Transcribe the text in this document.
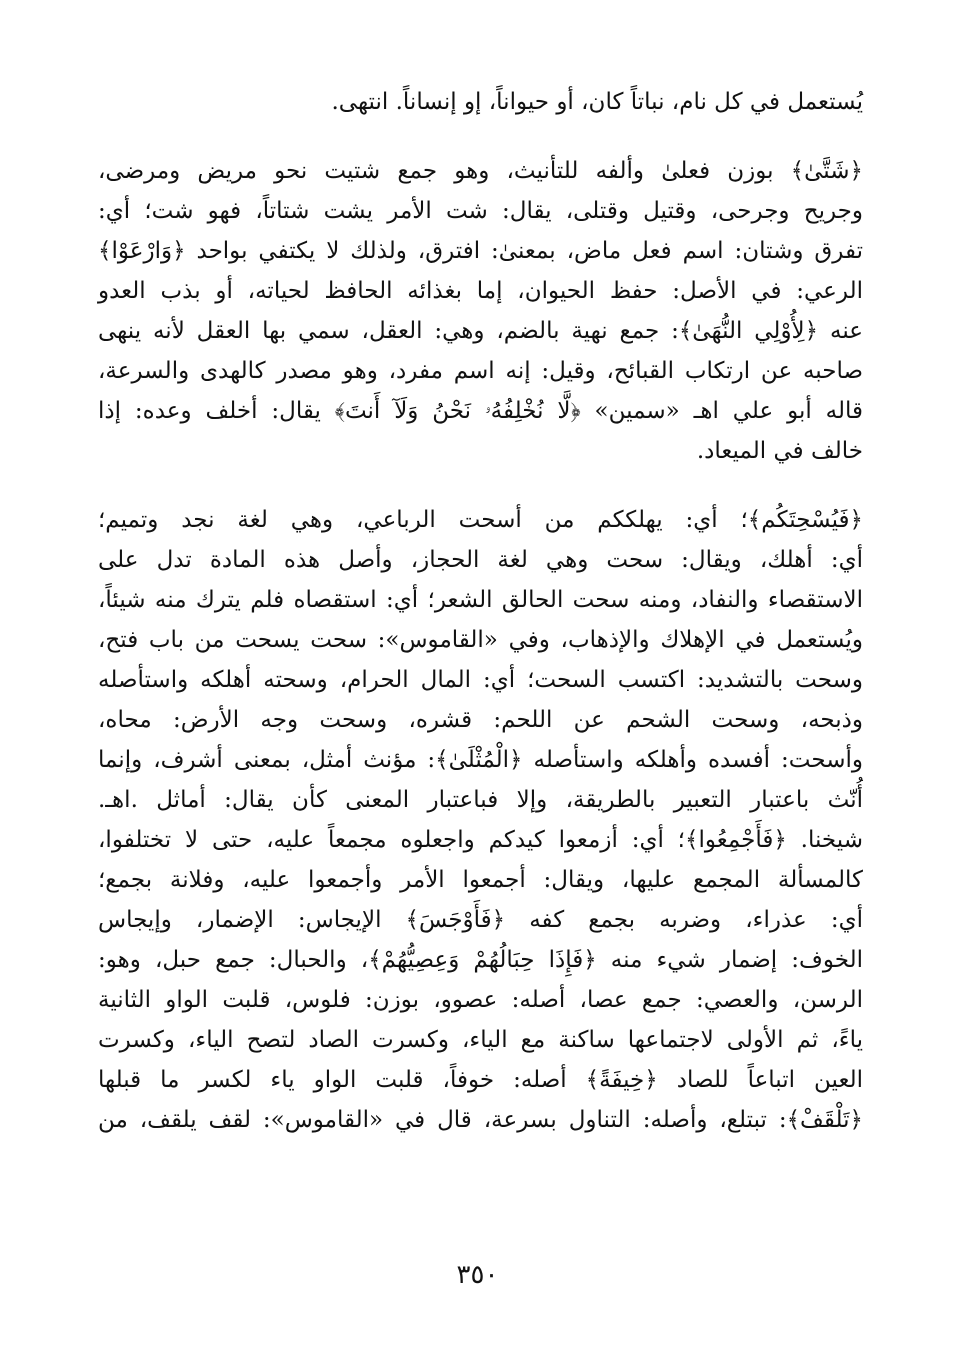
يُستعمل في كل نام، نباتاً كان، أو حيواناً، إو إنساناً. انتهى.
﴿شَتَّىٰ﴾ بوزن فعلىٰ وألفه للتأنيث، وهو جمع شتيت نحو مريض ومرضى،
وجريح وجرحى، وقتيل وقتلى، يقال: شت الأمر يشت شتاتاً، فهو شت؛ أي:
تفرق وشتان: اسم فعل ماض، بمعنىٰ: افترق، ولذلك لا يكتفي بواحد ﴿وَارْعَوْا﴾
الرعي: في الأصل: حفظ الحيوان، إما بغذائه الحافظ لحياته، أو بذب العدو
عنه ﴿لِأُوْلِي النُّهَىٰ﴾: جمع نهية بالضم، وهي: العقل، سمي بها العقل لأنه ينهى
صاحبه عن ارتكاب القبائح، وقيل: إنه اسم مفرد، وهو مصدر كالهدى والسرعة،
قاله أبو علي اهـ «سمين» ﴿لَّا نُخْلِفُهُۥ نَحْنُ وَلَآ أَنتَ﴾ يقال: أخلف وعده: إذا
خالف في الميعاد.
﴿فَيُسْحِتَكُم﴾؛ أي: يهلككم من أسحت الرباعي، وهي لغة نجد وتميم؛
أي: أهلك، ويقال: سحت وهي لغة الحجاز، وأصل هذه المادة تدل على
الاستقصاء والنفاد، ومنه سحت الحالق الشعر؛ أي: استقصاه فلم يترك منه شيئاً،
ويُستعمل في الإهلاك والإذهاب، وفي «القاموس»: سحت يسحت من باب فتح،
وسحت بالتشديد: اكتسب السحت؛ أي: المال الحرام، وسحته أهلكه واستأصله
وذبحه، وسحت الشحم عن اللحم: قشره، وسحت وجه الأرض: محاه،
وأسحت: أفسده وأهلكه واستأصله ﴿الْمُثْلَىٰ﴾: مؤنث أمثل، بمعنى أشرف، وإنما
أُنّث باعتبار التعبير بالطريقة، وإلا فباعتبار المعنى كأن يقال: أماثل .اهـ.
شيخنا. ﴿فَأَجْمِعُوا﴾؛ أي: أزمعوا كيدكم واجعلوه مجمعاً عليه، حتى لا تختلفوا،
كالمسألة المجمع عليها، ويقال: أجمعوا الأمر وأجمعوا عليه، وفلانة بجمع؛
أي: عذراء، وضربه بجمع كفه ﴿فَأَوْجَسَ﴾ الإيجاس: الإضمار، وإيجاس
الخوف: إضمار شيء منه ﴿فَإِذَا حِبَالُهُمْ وَعِصِيُّهُمْ﴾، والحبال: جمع حبل، وهو:
الرسن، والعصي: جمع عصا، أصله: عصوو، بوزن: فلوس، قلبت الواو الثانية
ياءً، ثم الأولى لاجتماعها ساكنة مع الياء، وكسرت الصاد لتصح الياء، وكسرت
العين اتباعاً للصاد ﴿خِيفَةً﴾ أصله: خوفاً، قلبت الواو ياء لكسر ما قبلها
﴿تَلْقَفْ﴾: تبتلع، وأصله: التناول بسرعة، قال في «القاموس»: لقف يلقف، من
٣٥٠
